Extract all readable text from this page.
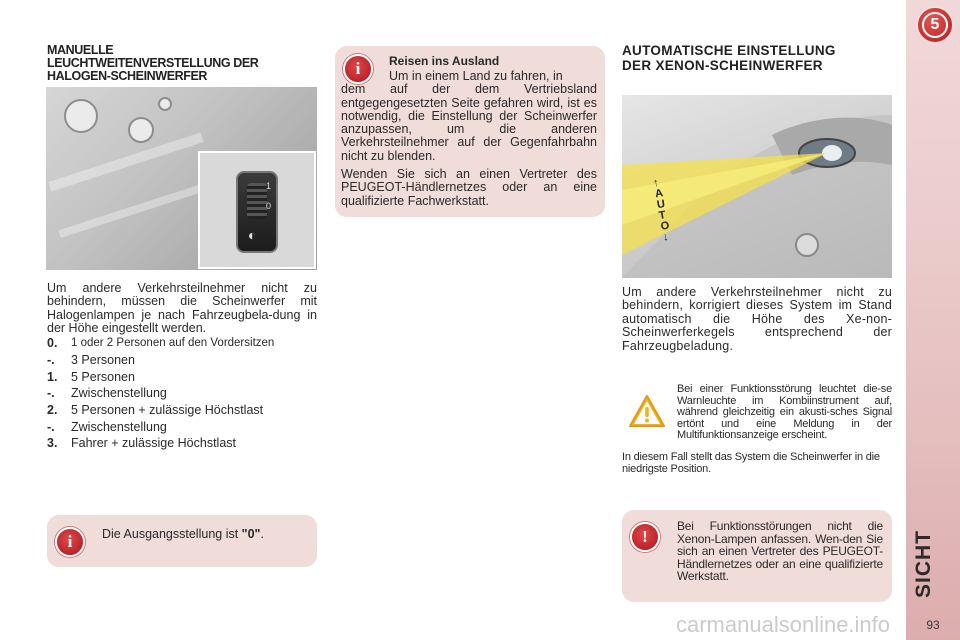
5
SICHT
93
MANUELLE
LEUCHTWEITENVERSTELLUNG DER
HALOGEN-SCHEINWERFER
1
0
◐
Um andere Verkehrsteilnehmer nicht zu behindern, müssen die Scheinwerfer mit Halogenlampen je nach Fahrzeugbela-dung in der Höhe eingestellt werden.
0.	1 oder 2 Personen auf den Vordersitzen
-.	3 Personen
1.	5 Personen
-.	Zwischenstellung
2.	5 Personen + zulässige Höchstlast
-.	Zwischenstellung
3.	Fahrer + zulässige Höchstlast
i	Die Ausgangsstellung ist "0".
i	Reisen ins Ausland
Um in einem Land zu fahren, in
dem auf der dem Vertriebsland entgegengesetzten Seite gefahren wird, ist es notwendig, die Einstellung der Scheinwerfer anzupassen, um die anderen Verkehrsteilnehmer auf der Gegenfahrbahn nicht zu blenden.
Wenden Sie sich an einen Vertreter des PEUGEOT-Händlernetzes oder an eine qualifizierte Fachwerkstatt.
AUTOMATISCHE EINSTELLUNG
DER XENON-SCHEINWERFER
↑
AUTO
↓
Um andere Verkehrsteilnehmer nicht zu behindern, korrigiert dieses System im Stand automatisch die Höhe des Xe-non-Scheinwerferkegels entsprechend der Fahrzeugbeladung.
Bei einer Funktionsstörung leuchtet die-se Warnleuchte im Kombiinstrument auf, während gleichzeitig ein akusti-sches Signal ertönt und eine Meldung in der Multifunktionsanzeige erscheint.
In diesem Fall stellt das System die Scheinwerfer in die niedrigste Position.
!
Bei Funktionsstörungen nicht die Xenon-Lampen anfassen. Wen-den Sie sich an einen Vertreter des PEUGEOT-Händlernetzes oder an eine qualifizierte Werkstatt.
carmanualsonline.info
